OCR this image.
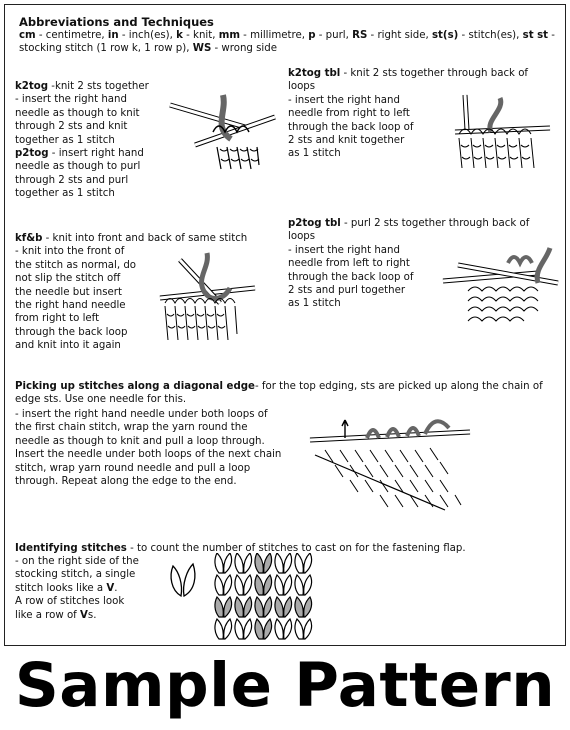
Abbreviations and Techniques

cm - centimetre, in - inch(es), k - knit, mm - millimetre, p - purl, RS - right side, st(s) - stitch(es), st st - stocking stitch (1 row k, 1 row p), WS - wrong side

k2tog -knit 2 sts together
- insert the right hand
needle as though to knit
through 2 sts and knit
together as 1 stitch
p2tog - insert right hand
needle as though to purl
through 2 sts and purl
together as 1 stitch

k2tog tbl - knit 2 sts together through back of
loops
- insert the right hand
needle from right to left
through the back loop of
2 sts and knit together
as 1 stitch

kf&b - knit into front and back of same stitch
- knit into the front of
the stitch as normal, do
not slip the stitch off
the needle but insert
the right hand needle
from right to left
through the back loop
and knit into it again

p2tog tbl - purl 2 sts together through back of
loops
- insert the right hand
needle from left to right
through the back loop of
2 sts and purl together
as 1 stitch

Picking up stitches along a diagonal edge- for the top edging, sts are picked up along the chain of
edge sts. Use one needle for this.

- insert the right hand needle under both loops of
the first chain stitch, wrap the yarn round the
needle as though to knit and pull a loop through.
Insert the needle under both loops of the next chain
stitch, wrap yarn round needle and pull a loop
through. Repeat along the edge to the end.

Identifying stitches - to count the number of stitches to cast on for the fastening flap.

- on the right side of the
stocking stitch, a single
stitch looks like a V.
A row of stitches look
like a row of Vs.

Sample Pattern
